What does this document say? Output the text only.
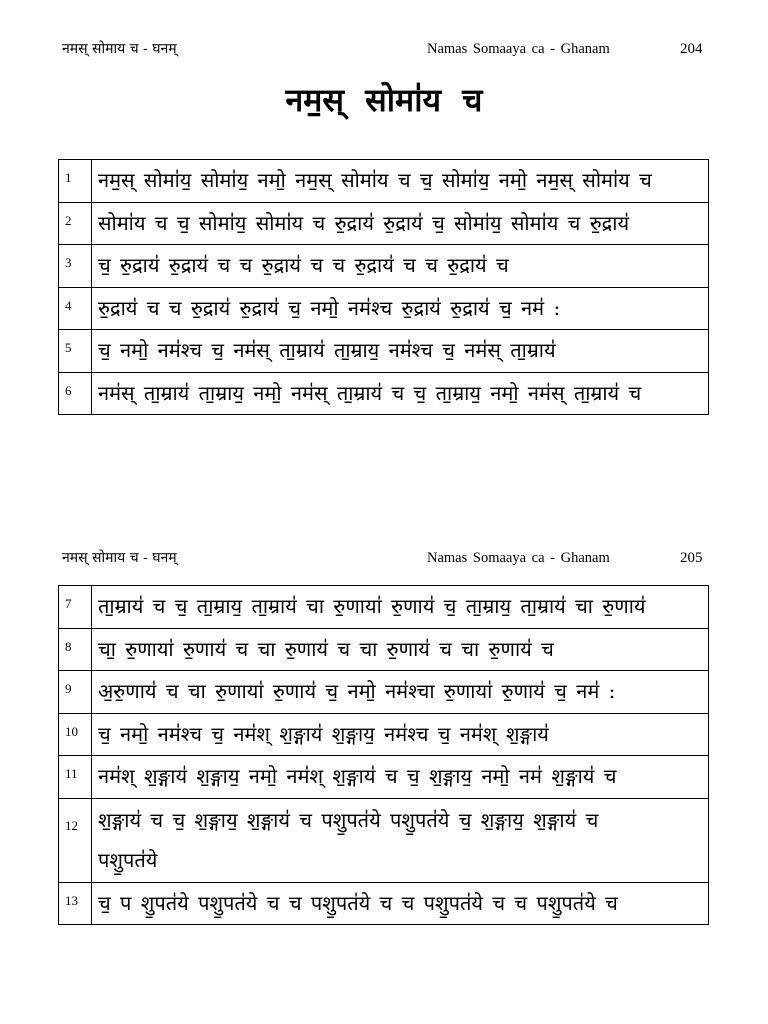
नमस् सोमाय च - घनम्	Namas Somaaya ca - Ghanam	204
नम॒स् सोमा॑य च
1	नम॒स् सोमा॑य॒ सोमा॑य॒ नमो॒ नम॒स् सोमा॑य च च॒ सोमा॑य॒ नमो॒ नम॒स् सोमा॑य च
2	सोमा॑य च च॒ सोमा॑य॒ सोमा॑य च रु॒द्राय॑ रु॒द्राय॑ च॒ सोमा॑य॒ सोमा॑य च रु॒द्राय॑
3	च॒ रु॒द्राय॑ रु॒द्राय॑ च च रु॒द्राय॑ च च रु॒द्राय॑ च च रु॒द्राय॑ च
4	रु॒द्राय॑ च च रु॒द्राय॑ रु॒द्राय॑ च॒ नमो॒ नम॑श्च रु॒द्राय॑ रु॒द्राय॑ च॒ नम॑ :
5	च॒ नमो॒ नम॑श्च च॒ नम॑स् ता॒म्राय॑ ता॒म्राय॒ नम॑श्च च॒ नम॑स् ता॒म्राय॑
6	नम॑स् ता॒म्राय॑ ता॒म्राय॒ नमो॒ नम॑स् ता॒म्राय॑ च च॒ ता॒म्राय॒ नमो॒ नम॑स् ता॒म्राय॑ च
नमस् सोमाय च - घनम्	Namas Somaaya ca - Ghanam	205
7	ता॒म्राय॑ च च॒ ता॒म्राय॒ ता॒म्राय॑ चा रु॒णाया॑ रु॒णाय॑ च॒ ता॒म्राय॒ ता॒म्राय॑ चा रु॒णाय॑
8	चा॒ रु॒णाया॑ रु॒णाय॑ च चा रु॒णाय॑ च चा रु॒णाय॑ च चा रु॒णाय॑ च
9	अ॒रु॒णाय॑ च चा रु॒णाया॑ रु॒णाय॑ च॒ नमो॒ नम॑श्चा रु॒णाया॑ रु॒णाय॑ च॒ नम॑ :
10	च॒ नमो॒ नम॑श्च च॒ नम॑श् श॒ङ्गाय॑ श॒ङ्गाय॒ नम॑श्च च॒ नम॑श् श॒ङ्गाय॑
11	नम॑श् श॒ङ्गाय॑ श॒ङ्गाय॒ नमो॒ नम॑श् श॒ङ्गाय॑ च च॒ श॒ङ्गाय॒ नमो॒ नम॑ श॒ङ्गाय॑ च
12	श॒ङ्गाय॑ च च॒ श॒ङ्गाय॒ श॒ङ्गाय॑ च पशु॒पत॑ये पशु॒पत॑ये च॒ श॒ङ्गाय॒ श॒ङ्गाय॑ च
पशु॒पत॑ये
13	च॒ प शु॒पत॑ये पशु॒पत॑ये च च पशु॒पत॑ये च च पशु॒पत॑ये च च पशु॒पत॑ये च
